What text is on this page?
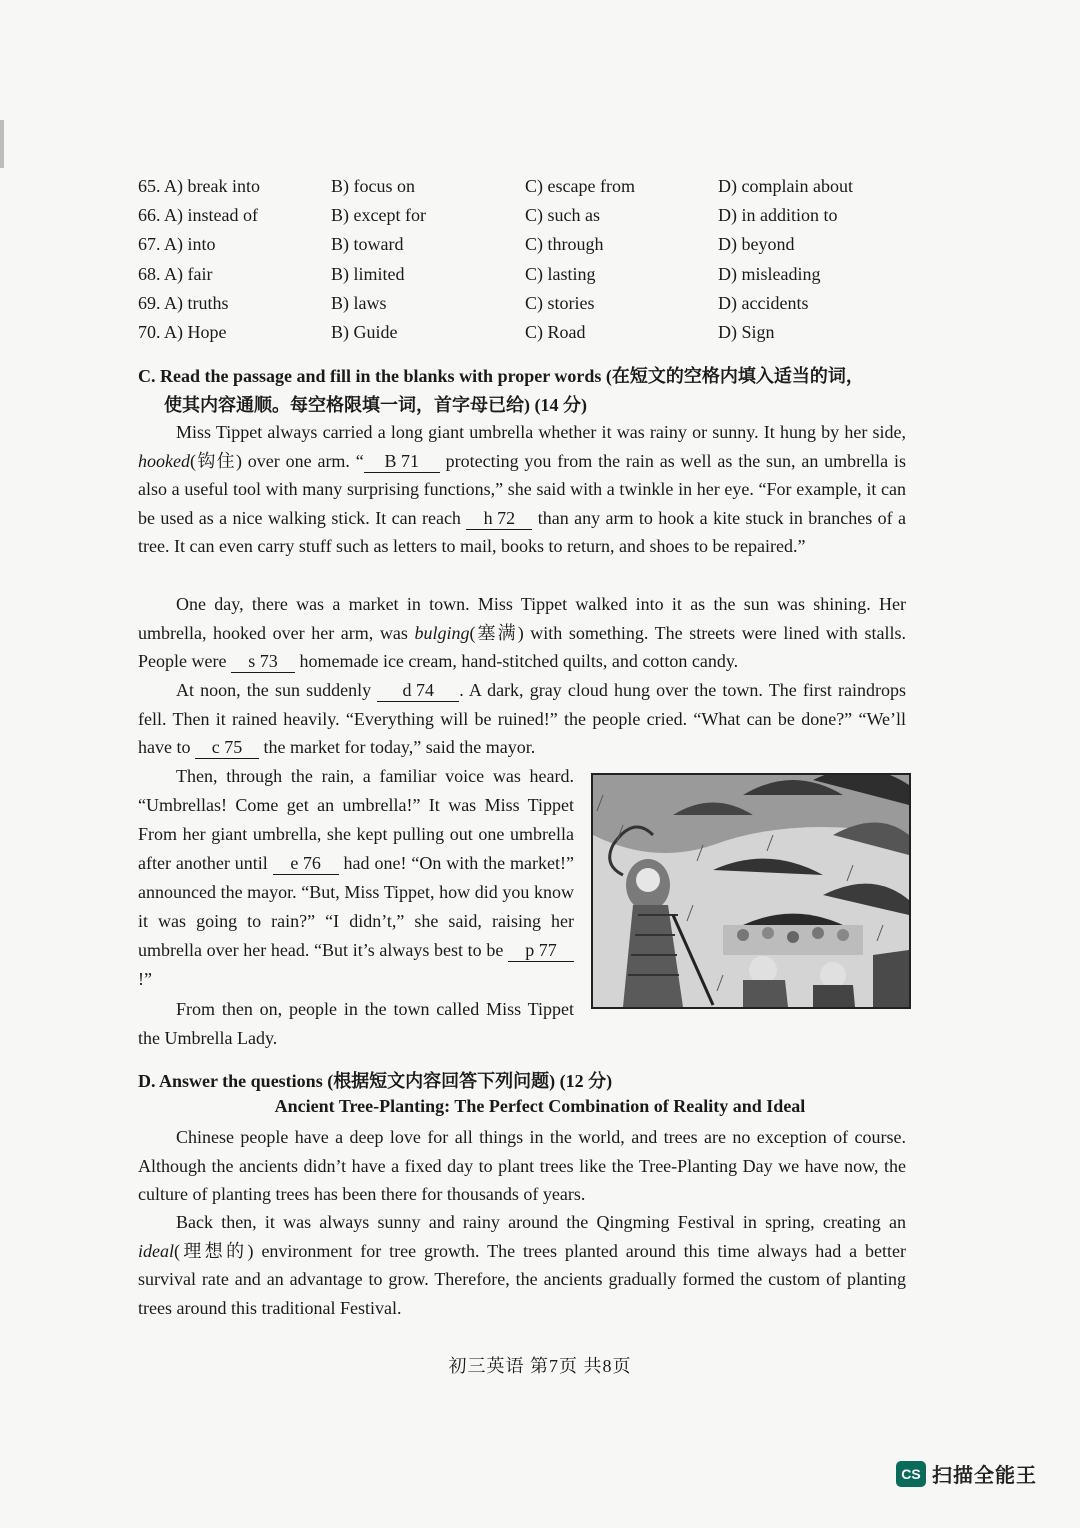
65. A) break into	B) focus on	C) escape from	D) complain about
66. A) instead of	B) except for	C) such as	D) in addition to
67. A) into	B) toward	C) through	D) beyond
68. A) fair	B) limited	C) lasting	D) misleading
69. A) truths	B) laws	C) stories	D) accidents
70. A) Hope	B) Guide	C) Road	D) Sign
C. Read the passage and fill in the blanks with proper words (在短文的空格内填入适当的词，
使其内容通顺。每空格限填一词，首字母已给) (14 分)
Miss Tippet always carried a long giant umbrella whether it was rainy or sunny. It hung by her side, hooked(钩住) over one arm. “ B 71 protecting you from the rain as well as the sun, an umbrella is also a useful tool with many surprising functions,” she said with a twinkle in her eye. “For example, it can be used as a nice walking stick. It can reach h 72 than any arm to hook a kite stuck in branches of a tree. It can even carry stuff such as letters to mail, books to return, and shoes to be repaired.”
One day, there was a market in town. Miss Tippet walked into it as the sun was shining. Her umbrella, hooked over her arm, was bulging(塞满) with something. The streets were lined with stalls. People were s 73 homemade ice cream, hand-stitched quilts, and cotton candy.
At noon, the sun suddenly d 74 . A dark, gray cloud hung over the town. The first raindrops fell. Then it rained heavily. “Everything will be ruined!” the people cried. “What can be done?” “We’ll have to c 75 the market for today,” said the mayor.
Then, through the rain, a familiar voice was heard. “Umbrellas! Come get an umbrella!” It was Miss Tippet From her giant umbrella, she kept pulling out one umbrella after another until e 76 had one! “On with the market!” announced the mayor. “But, Miss Tippet, how did you know it was going to rain?” “I didn’t,” she said, raising her umbrella over her head. “But it’s always best to be p 77!”
From then on, people in the town called Miss Tippet the Umbrella Lady.
D. Answer the questions (根据短文内容回答下列问题) (12 分)
Ancient Tree-Planting: The Perfect Combination of Reality and Ideal
Chinese people have a deep love for all things in the world, and trees are no exception of course. Although the ancients didn’t have a fixed day to plant trees like the Tree-Planting Day we have now, the culture of planting trees has been there for thousands of years.
Back then, it was always sunny and rainy around the Qingming Festival in spring, creating an ideal(理想的) environment for tree growth. The trees planted around this time always had a better survival rate and an advantage to grow. Therefore, the ancients gradually formed the custom of planting trees around this traditional Festival.
初三英语 第7页 共8页
CS 扫描全能王
